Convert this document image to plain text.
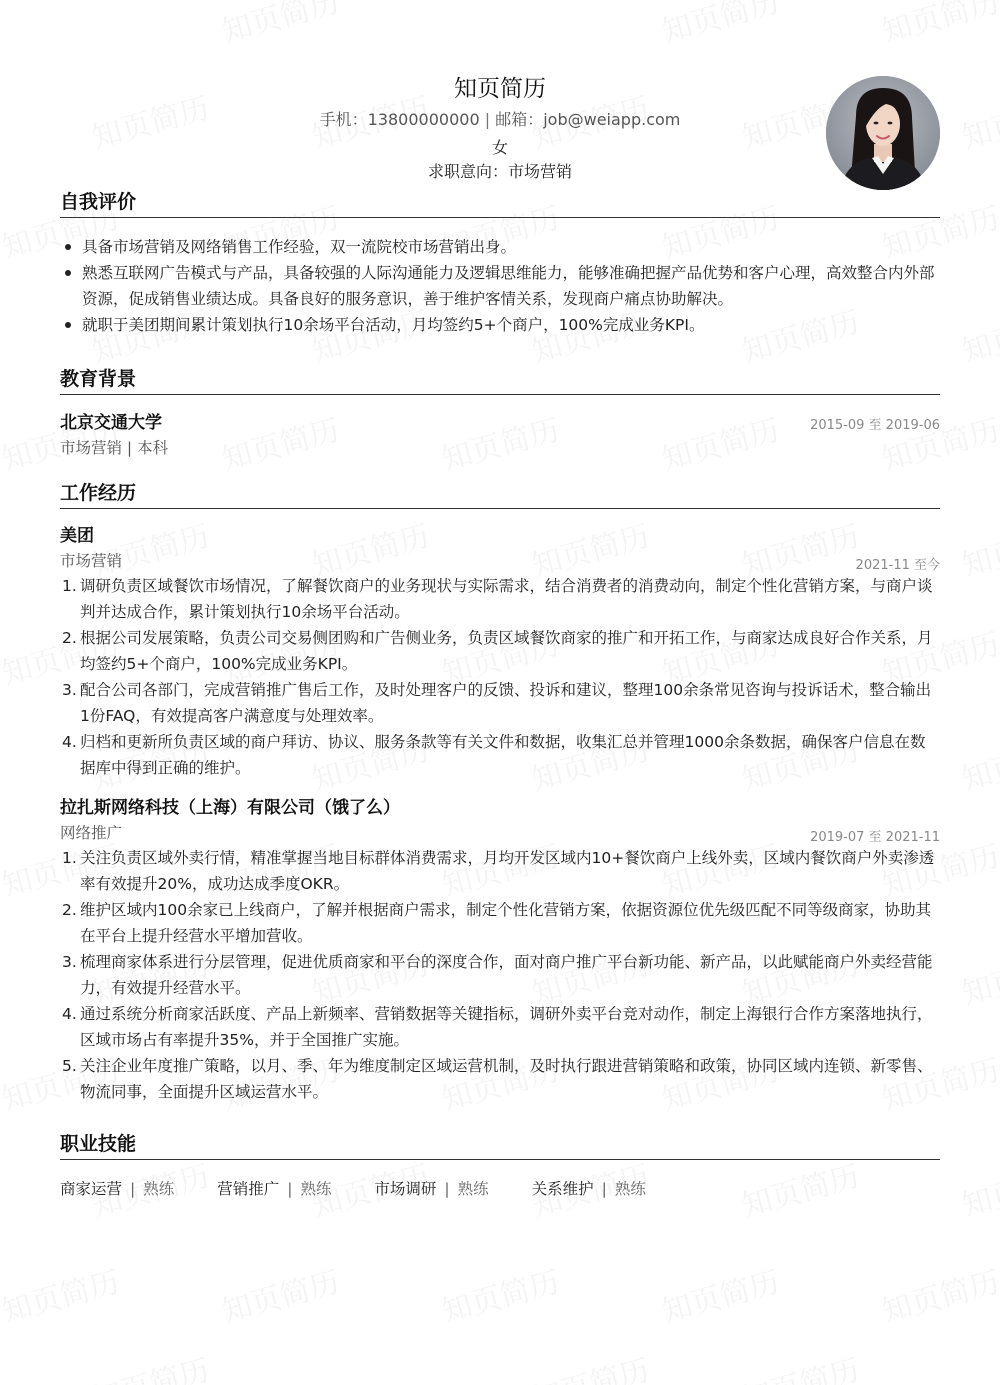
知页简历
手机：13800000000 | 邮箱：job@weiapp.com
女
求职意向：市场营销
自我评价
具备市场营销及网络销售工作经验，双一流院校市场营销出身。
熟悉互联网广告模式与产品，具备较强的人际沟通能力及逻辑思维能力，能够准确把握产品优势和客户心理，高效整合内外部资源，促成销售业绩达成。具备良好的服务意识，善于维护客情关系，发现商户痛点协助解决。
就职于美团期间累计策划执行10余场平台活动，月均签约5+个商户，100%完成业务KPI。
教育背景
北京交通大学	2015-09 至 2019-06
市场营销 | 本科
工作经历
美团
市场营销	2021-11 至今
1. 调研负责区域餐饮市场情况，了解餐饮商户的业务现状与实际需求，结合消费者的消费动向，制定个性化营销方案，与商户谈判并达成合作，累计策划执行10余场平台活动。
2. 根据公司发展策略，负责公司交易侧团购和广告侧业务，负责区域餐饮商家的推广和开拓工作，与商家达成良好合作关系，月均签约5+个商户，100%完成业务KPI。
3. 配合公司各部门，完成营销推广售后工作，及时处理客户的反馈、投诉和建议，整理100余条常见咨询与投诉话术，整合输出1份FAQ，有效提高客户满意度与处理效率。
4. 归档和更新所负责区域的商户拜访、协议、服务条款等有关文件和数据，收集汇总并管理1000余条数据，确保客户信息在数据库中得到正确的维护。
拉扎斯网络科技（上海）有限公司（饿了么）
网络推广	2019-07 至 2021-11
1. 关注负责区域外卖行情，精准掌握当地目标群体消费需求，月均开发区域内10+餐饮商户上线外卖，区域内餐饮商户外卖渗透率有效提升20%，成功达成季度OKR。
2. 维护区域内100余家已上线商户，了解并根据商户需求，制定个性化营销方案，依据资源位优先级匹配不同等级商家，协助其在平台上提升经营水平增加营收。
3. 梳理商家体系进行分层管理，促进优质商家和平台的深度合作，面对商户推广平台新功能、新产品，以此赋能商户外卖经营能力，有效提升经营水平。
4. 通过系统分析商家活跃度、产品上新频率、营销数据等关键指标，调研外卖平台竞对动作，制定上海银行合作方案落地执行，区域市场占有率提升35%，并于全国推广实施。
5. 关注企业年度推广策略，以月、季、年为维度制定区域运营机制，及时执行跟进营销策略和政策，协同区域内连锁、新零售、物流同事，全面提升区域运营水平。
职业技能
商家运营 | 熟练	营销推广 | 熟练	市场调研 | 熟练	关系维护 | 熟练
